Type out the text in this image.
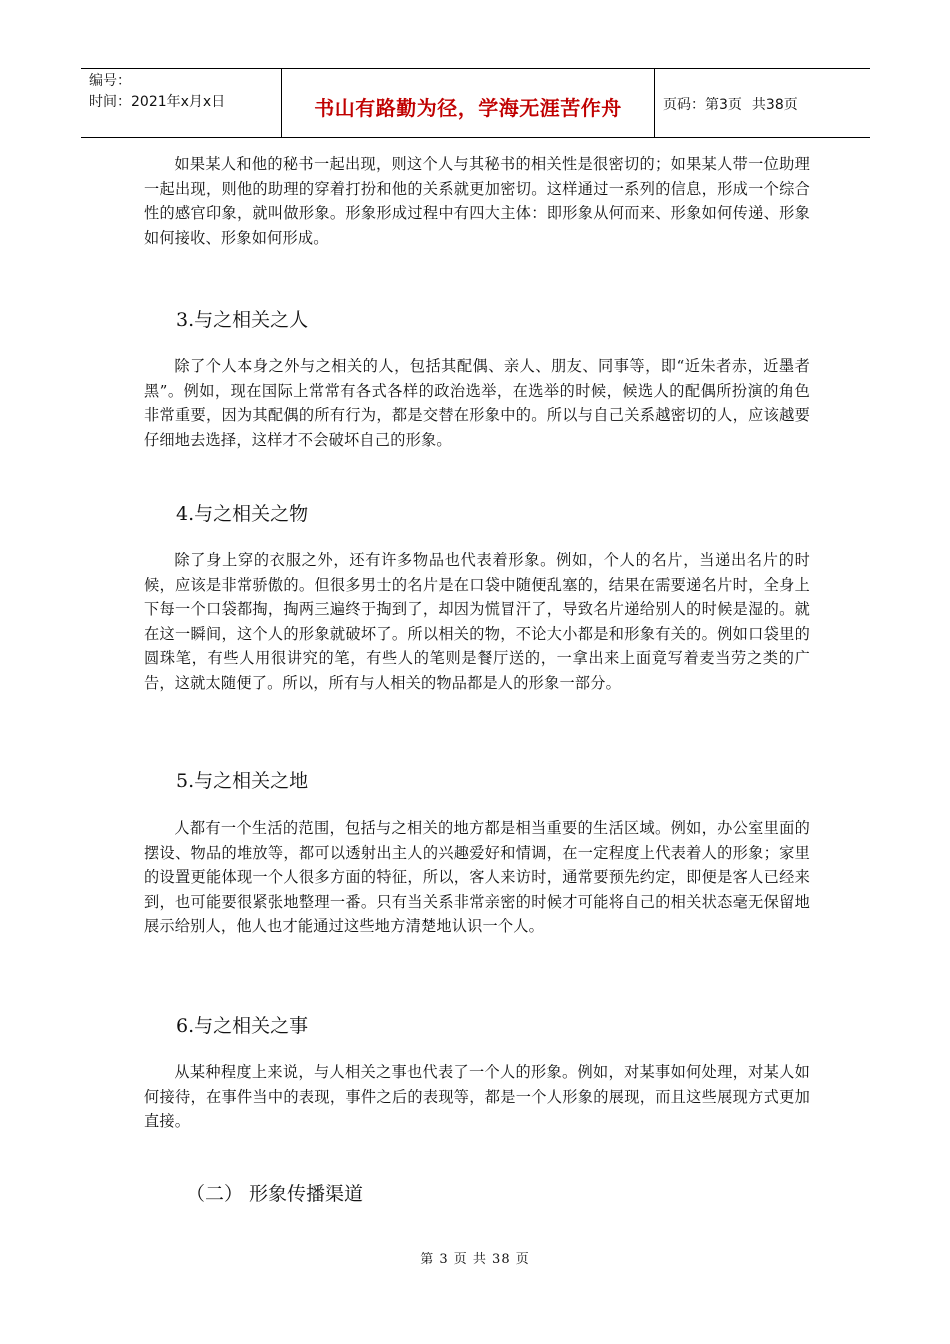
编号：
时间：2021年x月x日	书山有路勤为径，学海无涯苦作舟	页码：第3页 共38页

如果某人和他的秘书一起出现，则这个人与其秘书的相关性是很密切的；如果某人带一位助理一起出现，则他的助理的穿着打扮和他的关系就更加密切。这样通过一系列的信息，形成一个综合性的感官印象，就叫做形象。形象形成过程中有四大主体：即形象从何而来、形象如何传递、形象如何接收、形象如何形成。

3.与之相关之人

除了个人本身之外与之相关的人，包括其配偶、亲人、朋友、同事等，即“近朱者赤，近墨者黑”。例如，现在国际上常常有各式各样的政治选举，在选举的时候，候选人的配偶所扮演的角色非常重要，因为其配偶的所有行为，都是交替在形象中的。所以与自己关系越密切的人，应该越要仔细地去选择，这样才不会破坏自己的形象。

4.与之相关之物

除了身上穿的衣服之外，还有许多物品也代表着形象。例如，个人的名片，当递出名片的时候，应该是非常骄傲的。但很多男士的名片是在口袋中随便乱塞的，结果在需要递名片时，全身上下每一个口袋都掏，掏两三遍终于掏到了，却因为慌冒汗了，导致名片递给别人的时候是湿的。就在这一瞬间，这个人的形象就破坏了。所以相关的物，不论大小都是和形象有关的。例如口袋里的圆珠笔，有些人用很讲究的笔，有些人的笔则是餐厅送的，一拿出来上面竟写着麦当劳之类的广告，这就太随便了。所以，所有与人相关的物品都是人的形象一部分。

5.与之相关之地

人都有一个生活的范围，包括与之相关的地方都是相当重要的生活区域。例如，办公室里面的摆设、物品的堆放等，都可以透射出主人的兴趣爱好和情调，在一定程度上代表着人的形象；家里的设置更能体现一个人很多方面的特征，所以，客人来访时，通常要预先约定，即便是客人已经来到，也可能要很紧张地整理一番。只有当关系非常亲密的时候才可能将自己的相关状态毫无保留地展示给别人，他人也才能通过这些地方清楚地认识一个人。

6.与之相关之事

从某种程度上来说，与人相关之事也代表了一个人的形象。例如，对某事如何处理，对某人如何接待，在事件当中的表现，事件之后的表现等，都是一个人形象的展现，而且这些展现方式更加直接。

（二） 形象传播渠道
第 3 页 共 38 页
